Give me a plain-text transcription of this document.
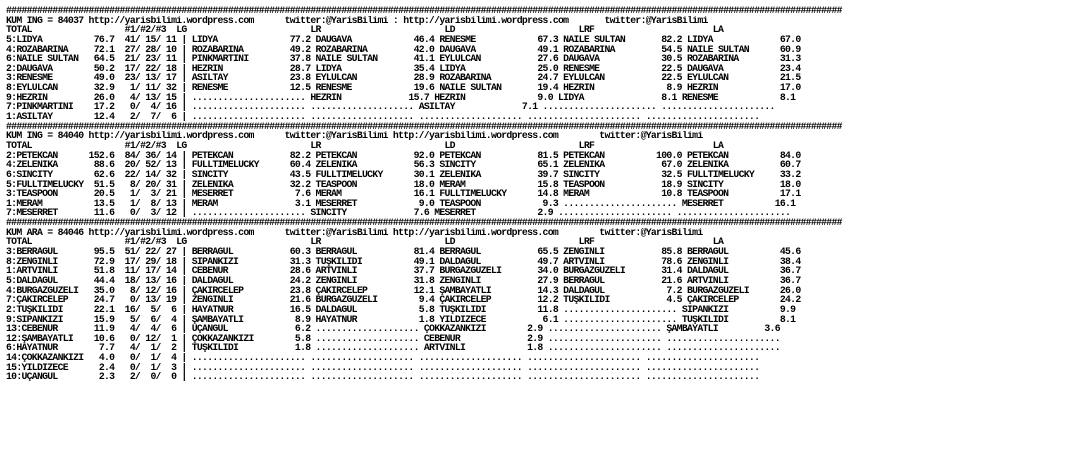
##################################################################################################################################################################
KUM ING = 84037 http://yarisbilimi.wordpress.com      twitter:@YarisBilimi : http://yarisbilimi.wordpress.com       twitter:@YarisBilimi
TOTAL                  #1/#2/#3  LG                        LR                        LD                        LRF                       LA
5:LİDYA          76.7  41/ 15/ 11 | LİDYA              77.2 DAUGAVA            46.4 RENESME            67.3 NAİLE SULTAN       82.2 LİDYA             67.0
4:ROZABARINA     72.1  27/ 28/ 10 | ROZABARINA         49.2 ROZABARINA         42.0 DAUGAVA            49.1 ROZABARINA         54.5 NAİLE SULTAN      60.9
6:NAİLE SULTAN   64.5  21/ 23/ 11 | PİNKMARTİNİ        37.8 NAİLE SULTAN       41.1 EYLÜLCAN           27.6 DAUGAVA            30.5 ROZABARINA        31.3
2:DAUGAVA        50.2  17/ 22/ 18 | HEZRİN             28.7 LİDYA              35.4 LİDYA              25.0 RENESME            22.5 DAUGAVA           23.4
3:RENESME        49.0  23/ 13/ 17 | ASİLTAY            23.8 EYLÜLCAN           28.9 ROZABARINA         24.7 EYLÜLCAN           22.5 EYLÜLCAN          21.5
8:EYLÜLCAN       32.9   1/ 11/ 32 | RENESME            12.5 RENESME            19.6 NAİLE SULTAN       19.4 HEZRİN              8.9 HEZRİN            17.0
9:HEZRİN         26.0   4/ 13/ 15 | ...................... HEZRİN             15.7 HEZRİN              9.0 LİDYA               8.1 RENESME            8.1
7:PİNKMARTİNİ    17.2   0/  4/ 16 | ...................... .................... ASİLTAY             7.1 ...................... ......................
1:ASİLTAY        12.4   2/  7/  6 | ...................... .................... .................... ...................... ......................
##################################################################################################################################################################
KUM ING = 84040 http://yarisbilimi.wordpress.com      twitter:@YarisBilimi http://yarisbilimi.wordpress.com        twitter:@YarisBilimi
TOTAL                  #1/#2/#3  LG                        LR                        LD                        LRF                       LA
2:PETEKCAN      152.6  84/ 36/ 14 | PETEKCAN           82.2 PETEKCAN           92.0 PETEKCAN           81.5 PETEKCAN          100.0 PETEKCAN          84.0
4:ZELENİKA       88.6  20/ 52/ 13 | FULLTIMELUCKY      60.4 ZELENİKA           56.3 SINCITY            65.1 ZELENİKA           67.0 ZELENİKA          60.7
6:SINCITY        62.6  22/ 14/ 32 | SINCITY            43.5 FULLTIMELUCKY      30.1 ZELENİKA           39.7 SINCITY            32.5 FULLTIMELUCKY     33.2
5:FULLTIMELUCKY  51.5   8/ 20/ 31 | ZELENİKA           32.2 TEASPOON           18.0 MERAM              15.8 TEASPOON           18.9 SINCITY           18.0
3:TEASPOON       20.5   1/  3/ 21 | MESERRET            7.6 MERAM              16.1 FULLTIMELUCKY      14.8 MERAM              10.8 TEASPOON          17.1
1:MERAM          13.5   1/  8/ 13 | MERAM               3.1 MESERRET            9.0 TEASPOON            9.3 ...................... MESERRET          16.1
7:MESERRET       11.6   0/  3/ 12 | ...................... SINCITY             7.6 MESERRET            2.9 ...................... ......................
##################################################################################################################################################################
KUM ARA = 84046 http://yarisbilimi.wordpress.com      twitter:@YarisBilimi http://yarisbilimi.wordpress.com        twitter:@YarisBilimi
TOTAL                  #1/#2/#3  LG                        LR                        LD                        LRF                       LA
3:BERRAGÜL       95.5  51/ 22/ 27 | BERRAGÜL           60.3 BERRAGÜL           81.4 BERRAGÜL           65.5 ZENGİNLİ           85.8 BERRAGÜL          45.6
8:ZENGİNLİ       72.9  17/ 29/ 18 | SİPANKIZI          31.3 TUŞKİLİDİ          49.1 DALDAGÜL           49.7 ARTVİNLİ           78.6 ZENGİNLİ          38.4
1:ARTVİNLİ       51.8  11/ 17/ 14 | CEBENUR            28.6 ARTVİNLİ           37.7 BURGAZGÜZELİ       34.0 BURGAZGÜZELİ       31.4 DALDAGÜL          36.7
5:DALDAGÜL       44.4  18/ 13/ 16 | DALDAGÜL           24.2 ZENGİNLİ           31.8 ZENGİNLİ           27.9 BERRAGÜL           21.6 ARTVİNLİ          36.7
4:BURGAZGÜZELİ   35.0   8/ 12/ 16 | ÇAKIRCELEP         23.8 ÇAKIRCELEP         12.1 ŞAMBAYATLI         14.3 DALDAGÜL            7.2 BURGAZGÜZELİ      26.0
7:ÇAKIRCELEP     24.7   0/ 13/ 19 | ZENGİNLİ           21.6 BURGAZGÜZELİ        9.4 ÇAKIRCELEP         12.2 TUŞKİLİDİ           4.5 ÇAKIRCELEP        24.2
2:TUŞKİLİDİ      22.1  16/  5/  6 | HAYATNUR           16.5 DALDAGÜL            5.8 TUŞKİLİDİ          11.8 ...................... SİPANKIZI          9.9
9:SİPANKIZI      15.9   5/  6/  4 | ŞAMBAYATLI          8.9 HAYATNUR            1.8 YILDIZECE           6.1 ...................... TUŞKİLİDİ          8.1
13:CEBENUR       11.9   4/  4/  6 | UÇANGÜL             6.2 .................... ÇOKKAZANKIZI        2.9 ...................... ŞAMBAYATLI         3.6
12:ŞAMBAYATLI    10.6   0/ 12/  1 | ÇOKKAZANKIZI        5.8 .................... CEBENUR             2.9 ...................... ......................
6:HAYATNUR        7.7   4/  1/  2 | TUŞKİLİDİ           1.8 .................... ARTVİNLİ            1.8 ...................... ......................
14:ÇOKKAZANKIZI   4.0   0/  1/  4 | ...................... .................... .................... ...................... ......................
15:YILDIZECE      2.4   0/  1/  3 | ...................... .................... .................... ...................... ......................
10:UÇANGÜL        2.3   2/  0/  0 | ...................... .................... .................... ...................... ......................
